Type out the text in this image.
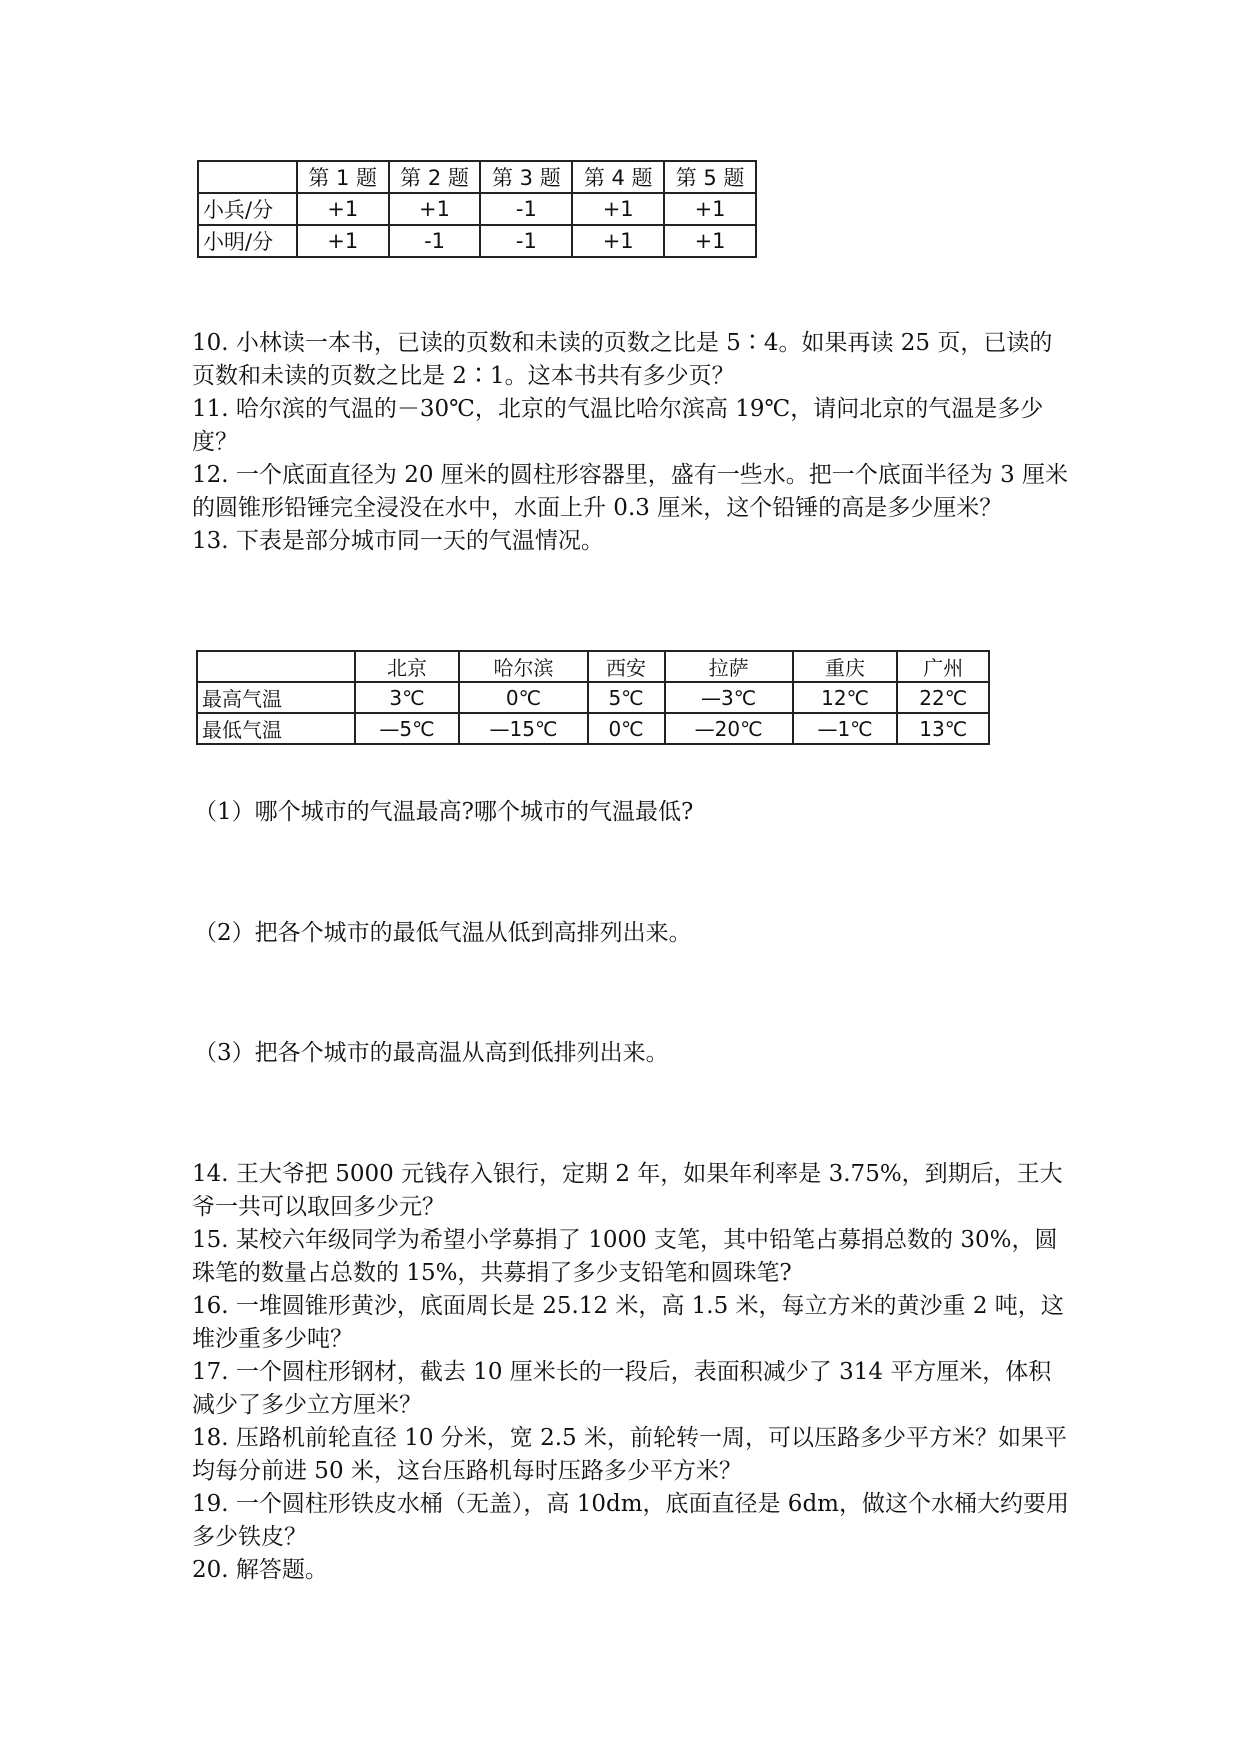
	第 1 题	第 2 题	第 3 题	第 4 题	第 5 题
小兵/分	+1	+1	-1	+1	+1
小明/分	+1	-1	-1	+1	+1

10. 小林读一本书，已读的页数和未读的页数之比是 5∶4。如果再读 25 页，已读的页数和未读的页数之比是 2∶1。这本书共有多少页？

11. 哈尔滨的气温的－30℃，北京的气温比哈尔滨高 19℃，请问北京的气温是多少度？

12. 一个底面直径为 20 厘米的圆柱形容器里，盛有一些水。把一个底面半径为 3 厘米的圆锥形铅锤完全浸没在水中，水面上升 0.3 厘米，这个铅锤的高是多少厘米？

13. 下表是部分城市同一天的气温情况。

	北京	哈尔滨	西安	拉萨	重庆	广州
最高气温	3℃	0℃	5℃	—3℃	12℃	22℃
最低气温	—5℃	—15℃	0℃	—20℃	—1℃	13℃

（1）哪个城市的气温最高?哪个城市的气温最低?

（2）把各个城市的最低气温从低到高排列出来。

（3）把各个城市的最高温从高到低排列出来。

14. 王大爷把 5000 元钱存入银行，定期 2 年，如果年利率是 3.75%，到期后，王大爷一共可以取回多少元？

15. 某校六年级同学为希望小学募捐了 1000 支笔，其中铅笔占募捐总数的 30%，圆珠笔的数量占总数的 15%，共募捐了多少支铅笔和圆珠笔?

16. 一堆圆锥形黄沙，底面周长是 25.12 米，高 1.5 米，每立方米的黄沙重 2 吨，这堆沙重多少吨？

17. 一个圆柱形钢材，截去 10 厘米长的一段后，表面积减少了 314 平方厘米，体积减少了多少立方厘米？

18. 压路机前轮直径 10 分米，宽 2.5 米，前轮转一周，可以压路多少平方米？如果平均每分前进 50 米，这台压路机每时压路多少平方米？

19. 一个圆柱形铁皮水桶（无盖），高 10dm，底面直径是 6dm，做这个水桶大约要用多少铁皮？

20. 解答题。
